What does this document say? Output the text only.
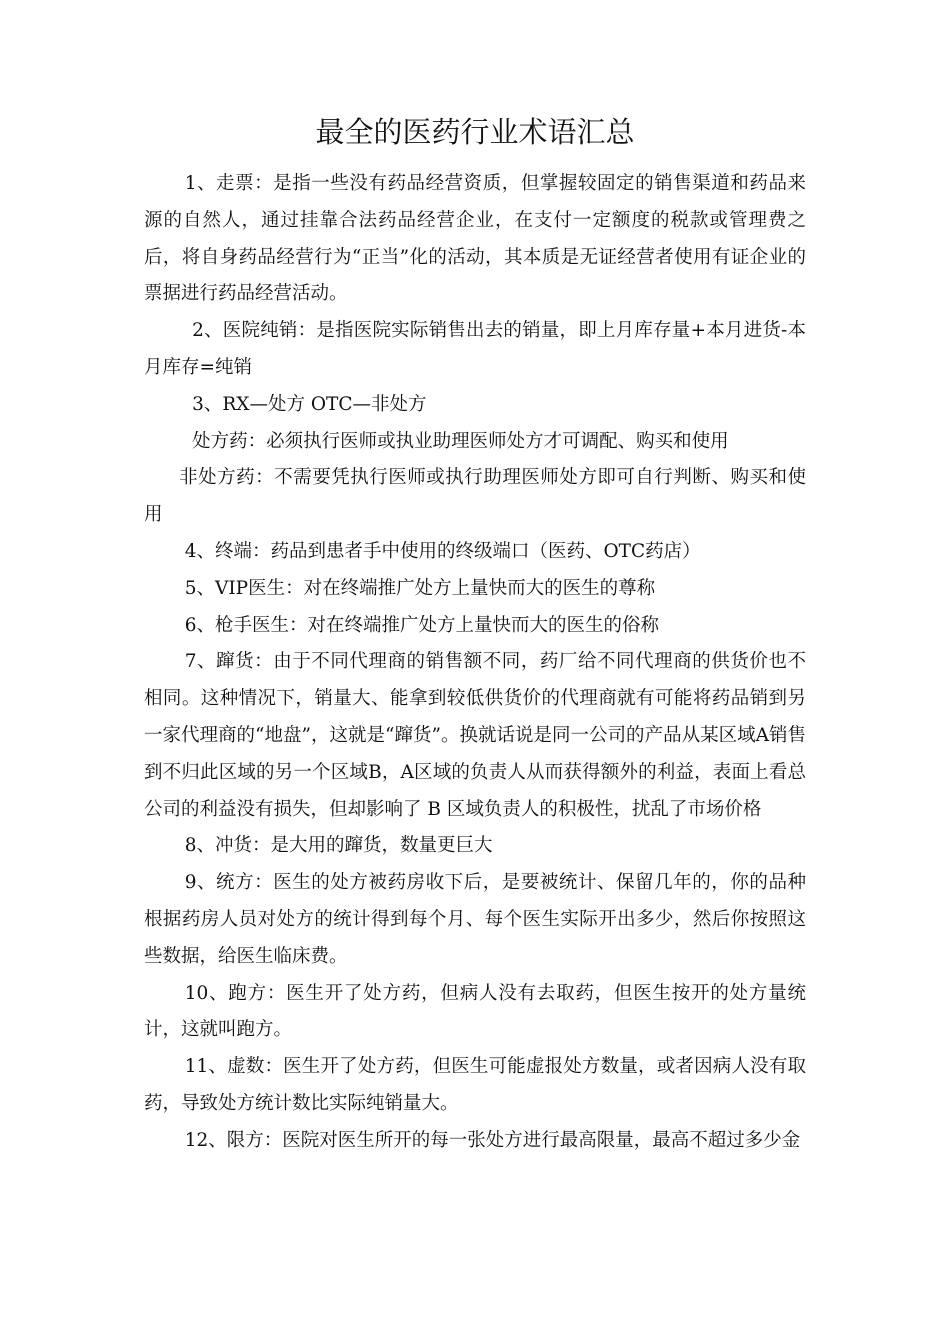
最全的医药行业术语汇总

1、走票：是指一些没有药品经营资质，但掌握较固定的销售渠道和药品来源的自然人，通过挂靠合法药品经营企业，在支付一定额度的税款或管理费之后，将自身药品经营行为“正当”化的活动，其本质是无证经营者使用有证企业的票据进行药品经营活动。

2、医院纯销：是指医院实际销售出去的销量，即上月库存量+本月进货-本月库存=纯销

3、RX—处方 OTC—非处方

处方药：必须执行医师或执业助理医师处方才可调配、购买和使用

非处方药：不需要凭执行医师或执行助理医师处方即可自行判断、购买和使用

4、终端：药品到患者手中使用的终级端口（医药、OTC药店）

5、VIP医生：对在终端推广处方上量快而大的医生的尊称

6、枪手医生：对在终端推广处方上量快而大的医生的俗称

7、蹿货：由于不同代理商的销售额不同，药厂给不同代理商的供货价也不相同。这种情况下，销量大、能拿到较低供货价的代理商就有可能将药品销到另一家代理商的“地盘”，这就是“蹿货”。换就话说是同一公司的产品从某区域A销售到不归此区域的另一个区域B，A区域的负责人从而获得额外的利益，表面上看总公司的利益没有损失，但却影响了 B 区域负责人的积极性，扰乱了市场价格

8、冲货：是大用的蹿货，数量更巨大

9、统方：医生的处方被药房收下后，是要被统计、保留几年的，你的品种根据药房人员对处方的统计得到每个月、每个医生实际开出多少，然后你按照这些数据，给医生临床费。

10、跑方：医生开了处方药，但病人没有去取药，但医生按开的处方量统计，这就叫跑方。

11、虚数：医生开了处方药，但医生可能虚报处方数量，或者因病人没有取药，导致处方统计数比实际纯销量大。

12、限方：医院对医生所开的每一张处方进行最高限量，最高不超过多少金
